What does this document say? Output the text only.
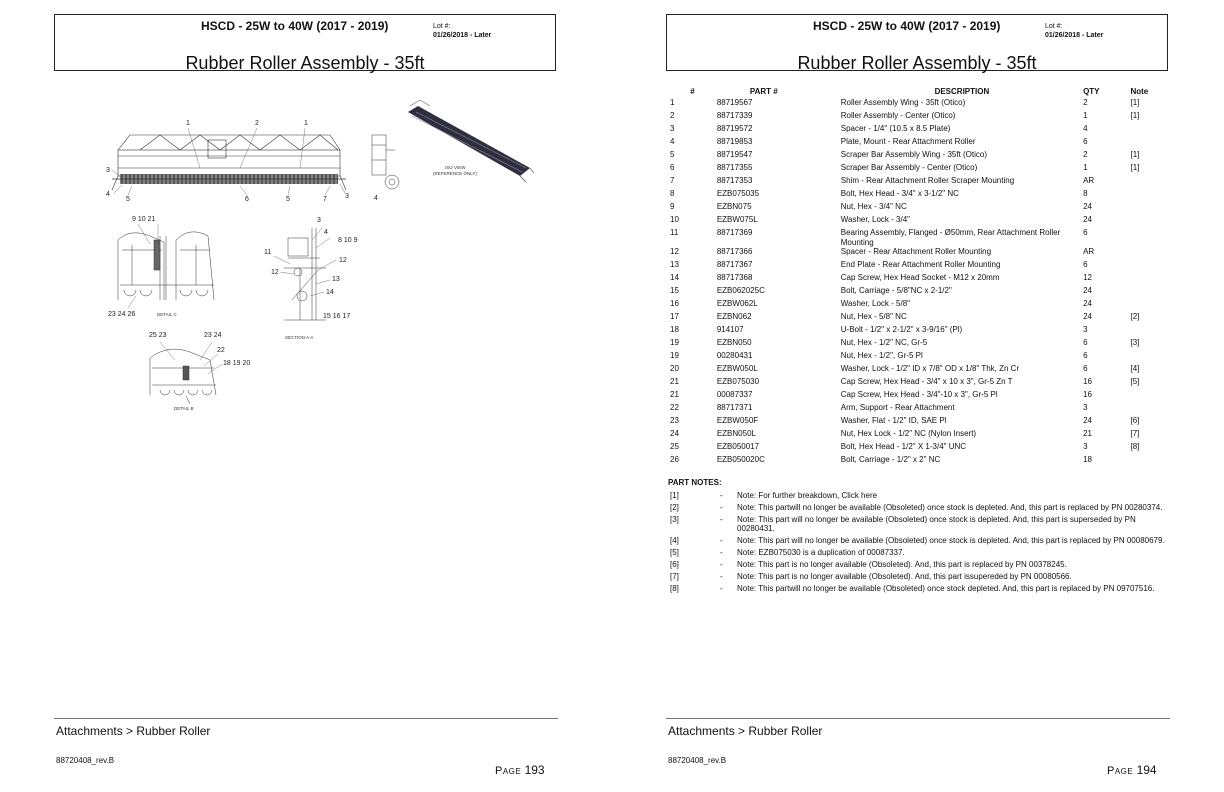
HSCD - 25W to 40W (2017 - 2019)	Lot #:
01/26/2018 - Later
Rubber Roller Assembly - 35ft
1	2	1
3
4
5	6	5	7	3	4
ISO VIEW
(REFERENCE ONLY)
9 10 21
23 24 26	DETAIL C
3
4
8 10 9
11
12
12
13
14
15 16 17
SECTION A-A
25 23	23 24
22
18 19 20
DETAIL B
Attachments > Rubber Roller
88720408_rev.B
Page 193
HSCD - 25W to 40W (2017 - 2019)	Lot #:
01/26/2018 - Later
Rubber Roller Assembly - 35ft
#	PART #	DESCRIPTION	QTY	Note
1	88719567	Roller Assembly Wing - 35ft (Otico)	2	[1]
2	88717339	Roller Assembly - Center (Otico)	1	[1]
3	88719572	Spacer - 1/4" (10.5 x 8.5 Plate)	4	
4	88719853	Plate, Mount - Rear Attachment Roller	6	
5	88719547	Scraper Bar Assembly Wing - 35ft (Otico)	2	[1]
6	88717355	Scraper Bar Assembly - Center (Otico)	1	[1]
7	88717353	Shim - Rear Attachment Roller Scraper Mounting	AR	
8	EZB075035	Bolt, Hex Head - 3/4" x 3-1/2" NC	8	
9	EZBN075	Nut, Hex - 3/4" NC	24	
10	EZBW075L	Washer, Lock - 3/4"	24	
11	88717369	Bearing Assembly, Flanged - Ø50mm, Rear Attachment Roller Mounting	6	
12	88717366	Spacer - Rear Attachment Roller Mounting	AR	
13	88717367	End Plate - Rear Attachment Roller Mounting	6	
14	88717368	Cap Screw, Hex Head Socket - M12 x 20mm	12	
15	EZB062025C	Bolt, Carriage - 5/8"NC x 2-1/2"	24	
16	EZBW062L	Washer, Lock - 5/8"	24	
17	EZBN062	Nut, Hex - 5/8" NC	24	[2]
18	914107	U-Bolt - 1/2" x 2-1/2" x 3-9/16" (Pl)	3	
19	EZBN050	Nut, Hex - 1/2" NC, Gr-5	6	[3]
19	00280431	Nut, Hex - 1/2", Gr-5 Pl	6	
20	EZBW050L	Washer, Lock - 1/2" ID x 7/8" OD x 1/8" Thk, Zn Cr	6	[4]
21	EZB075030	Cap Screw, Hex Head - 3/4" x 10 x 3", Gr-5 Zn T	16	[5]
21	00087337	Cap Screw, Hex Head - 3/4"-10 x 3", Gr-5 Pl	16	
22	88717371	Arm, Support - Rear Attachment	3	
23	EZBW050F	Washer, Flat - 1/2" ID, SAE Pl	24	[6]
24	EZBN050L	Nut, Hex Lock - 1/2" NC (Nylon Insert)	21	[7]
25	EZB050017	Bolt, Hex Head - 1/2" X 1-3/4" UNC	3	[8]
26	EZB050020C	Bolt, Carriage - 1/2" x 2" NC	18	
PART NOTES:
[1]	-	Note: For further breakdown, Click here
[2]	-	Note: This partwill no longer be available (Obsoleted) once stock is depleted. And, this part is replaced by PN 00280374.
[3]	-	Note: This part will no longer be available (Obsoleted) once stock is depleted. And, this part is superseded by PN 00280431.
[4]	-	Note: This part will no longer be available (Obsoleted) once stock is depleted. And, this part is replaced by PN 00080679.
[5]	-	Note: EZB075030 is a duplication of 00087337.
[6]	-	Note: This part is no longer available (Obsoleted). And, this part is replaced by PN 00378245.
[7]	-	Note: This part is no longer available (Obsoleted). And, this part issupereded by PN 00080566.
[8]	-	Note: This partwill no longer be available (Obsoleted) once stock depleted. And, this part is replaced by PN 09707516.
Attachments > Rubber Roller
88720408_rev.B
Page 194
